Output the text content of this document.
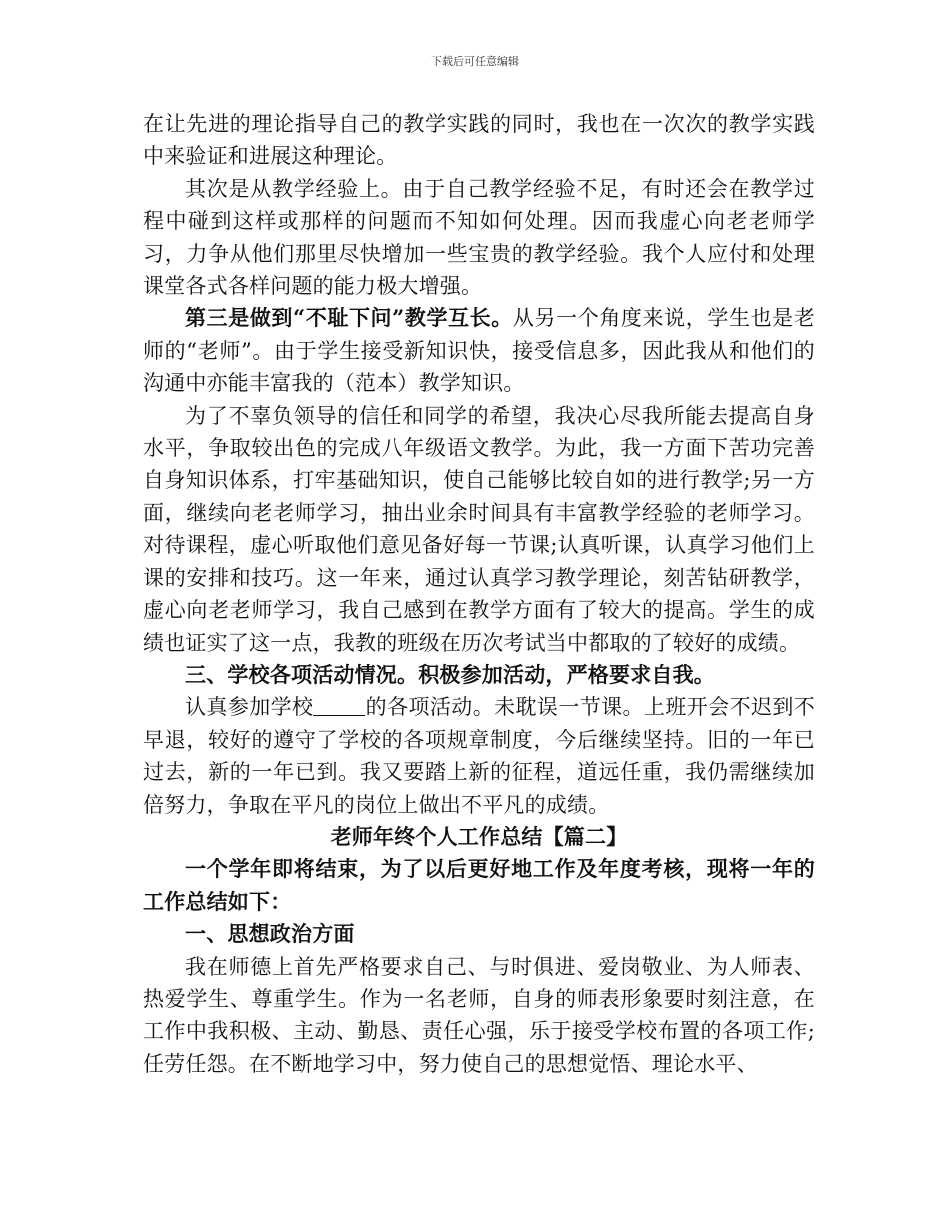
下载后可任意编辑

在让先进的理论指导自己的教学实践的同时，我也在一次次的教学实践中来验证和进展这种理论。

其次是从教学经验上。由于自己教学经验不足，有时还会在教学过程中碰到这样或那样的问题而不知如何处理。因而我虚心向老老师学习，力争从他们那里尽快增加一些宝贵的教学经验。我个人应付和处理课堂各式各样问题的能力极大增强。

第三是做到“不耻下问”教学互长。从另一个角度来说，学生也是老师的“老师”。由于学生接受新知识快，接受信息多，因此我从和他们的沟通中亦能丰富我的（范本）教学知识。

为了不辜负领导的信任和同学的希望，我决心尽我所能去提高自身水平，争取较出色的完成八年级语文教学。为此，我一方面下苦功完善自身知识体系，打牢基础知识，使自己能够比较自如的进行教学;另一方面，继续向老老师学习，抽出业余时间具有丰富教学经验的老师学习。对待课程，虚心听取他们意见备好每一节课;认真听课，认真学习他们上课的安排和技巧。这一年来，通过认真学习教学理论，刻苦钻研教学，虚心向老老师学习，我自己感到在教学方面有了较大的提高。学生的成绩也证实了这一点，我教的班级在历次考试当中都取的了较好的成绩。

三、学校各项活动情况。积极参加活动，严格要求自我。

认真参加学校 的各项活动。未耽误一节课。上班开会不迟到不早退，较好的遵守了学校的各项规章制度，今后继续坚持。旧的一年已过去，新的一年已到。我又要踏上新的征程，道远任重，我仍需继续加倍努力，争取在平凡的岗位上做出不平凡的成绩。

老师年终个人工作总结【篇二】

一个学年即将结束，为了以后更好地工作及年度考核，现将一年的工作总结如下：

一、思想政治方面

我在师德上首先严格要求自己、与时俱进、爱岗敬业、为人师表、热爱学生、尊重学生。作为一名老师，自身的师表形象要时刻注意，在工作中我积极、主动、勤恳、责任心强，乐于接受学校布置的各项工作;任劳任怨。在不断地学习中，努力使自己的思想觉悟、理论水平、
